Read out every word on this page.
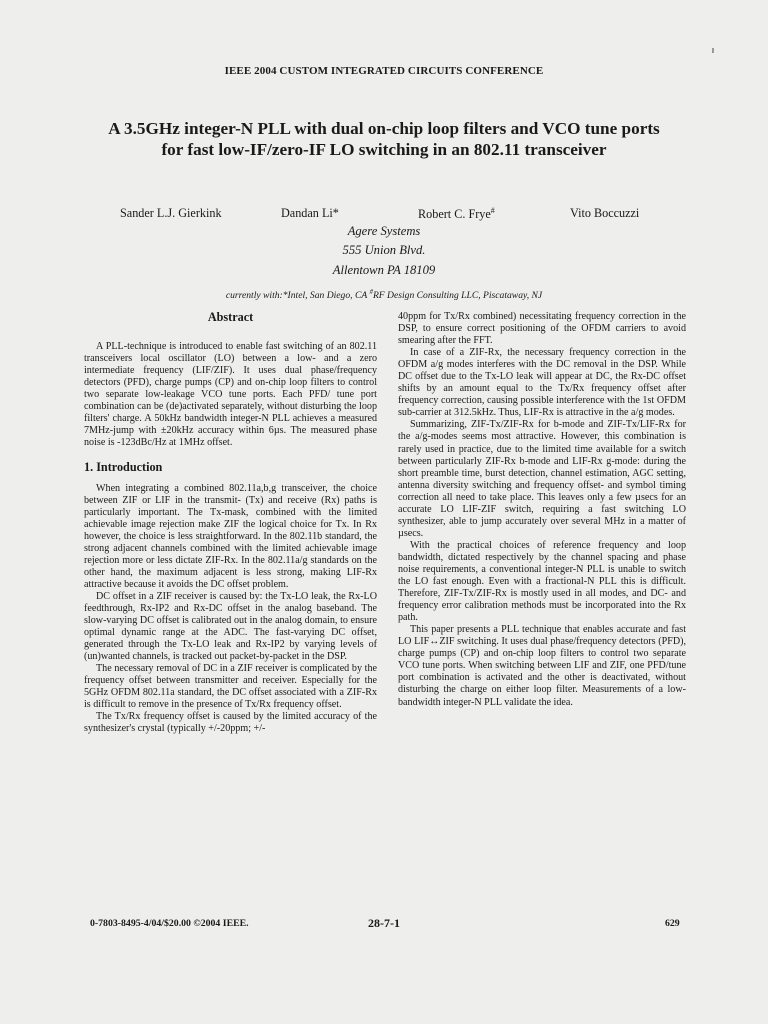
IEEE 2004 CUSTOM INTEGRATED CIRCUITS CONFERENCE
A 3.5GHz integer-N PLL with dual on-chip loop filters and VCO tune ports
for fast low-IF/zero-IF LO switching in an 802.11 transceiver
Sander L.J. Gierkink	Dandan Li*	Robert C. Frye#	Vito Boccuzzi
Agere Systems
555 Union Blvd.
Allentown PA 18109
currently with:*Intel, San Diego, CA #RF Design Consulting LLC, Piscataway, NJ
Abstract

A PLL-technique is introduced to enable fast switching of an 802.11 transceivers local oscillator (LO) between a low- and a zero intermediate frequency (LIF/ZIF). It uses dual phase/frequency detectors (PFD), charge pumps (CP) and on-chip loop filters to control two separate low-leakage VCO tune ports. Each PFD/ tune port combination can be (de)activated separately, without disturbing the loop filters' charge. A 50kHz bandwidth integer-N PLL achieves a measured 7MHz-jump with ±20kHz accuracy within 6µs. The measured phase noise is -123dBc/Hz at 1MHz offset.

1. Introduction

When integrating a combined 802.11a,b,g transceiver, the choice between ZIF or LIF in the transmit- (Tx) and receive (Rx) paths is particularly important. The Tx-mask, combined with the limited achievable image rejection make ZIF the logical choice for Tx. In Rx however, the choice is less straightforward. In the 802.11b standard, the strong adjacent channels combined with the limited achievable image rejection more or less dictate ZIF-Rx. In the 802.11a/g standards on the other hand, the maximum adjacent is less strong, making LIF-Rx attractive because it avoids the DC offset problem.

DC offset in a ZIF receiver is caused by: the Tx-LO leak, the Rx-LO feedthrough, Rx-IP2 and Rx-DC offset in the analog baseband. The slow-varying DC offset is calibrated out in the analog domain, to ensure optimal dynamic range at the ADC. The fast-varying DC offset, generated through the Tx-LO leak and Rx-IP2 by varying levels of (un)wanted channels, is tracked out packet-by-packet in the DSP.

The necessary removal of DC in a ZIF receiver is complicated by the frequency offset between transmitter and receiver. Especially for the 5GHz OFDM 802.11a standard, the DC offset associated with a ZIF-Rx is difficult to remove in the presence of Tx/Rx frequency offset.

The Tx/Rx frequency offset is caused by the limited accuracy of the synthesizer's crystal (typically +/-20ppm; +/-

40ppm for Tx/Rx combined) necessitating frequency correction in the DSP, to ensure correct positioning of the OFDM carriers to avoid smearing after the FFT.

In case of a ZIF-Rx, the necessary frequency correction in the OFDM a/g modes interferes with the DC removal in the DSP. While DC offset due to the Tx-LO leak will appear at DC, the Rx-DC offset shifts by an amount equal to the Tx/Rx frequency offset after frequency correction, causing possible interference with the 1st OFDM sub-carrier at 312.5kHz. Thus, LIF-Rx is attractive in the a/g modes.

Summarizing, ZIF-Tx/ZIF-Rx for b-mode and ZIF-Tx/LIF-Rx for the a/g-modes seems most attractive. However, this combination is rarely used in practice, due to the limited time available for a switch between particularly ZIF-Rx b-mode and LIF-Rx g-mode: during the short preamble time, burst detection, channel estimation, AGC setting, antenna diversity switching and frequency offset- and symbol timing correction all need to take place. This leaves only a few µsecs for an accurate LO LIF-ZIF switch, requiring a fast switching LO synthesizer, able to jump accurately over several MHz in a matter of µsecs.

With the practical choices of reference frequency and loop bandwidth, dictated respectively by the channel spacing and phase noise requirements, a conventional integer-N PLL is unable to switch the LO fast enough. Even with a fractional-N PLL this is difficult. Therefore, ZIF-Tx/ZIF-Rx is mostly used in all modes, and DC- and frequency error calibration methods must be incorporated into the Rx path.

This paper presents a PLL technique that enables accurate and fast LO LIF↔ZIF switching. It uses dual phase/frequency detectors (PFD), charge pumps (CP) and on-chip loop filters to control two separate VCO tune ports. When switching between LIF and ZIF, one PFD/tune port combination is activated and the other is deactivated, without disturbing the charge on either loop filter. Measurements of a low-bandwidth integer-N PLL validate the idea.

0-7803-8495-4/04/$20.00 ©2004 IEEE.	28-7-1	629
